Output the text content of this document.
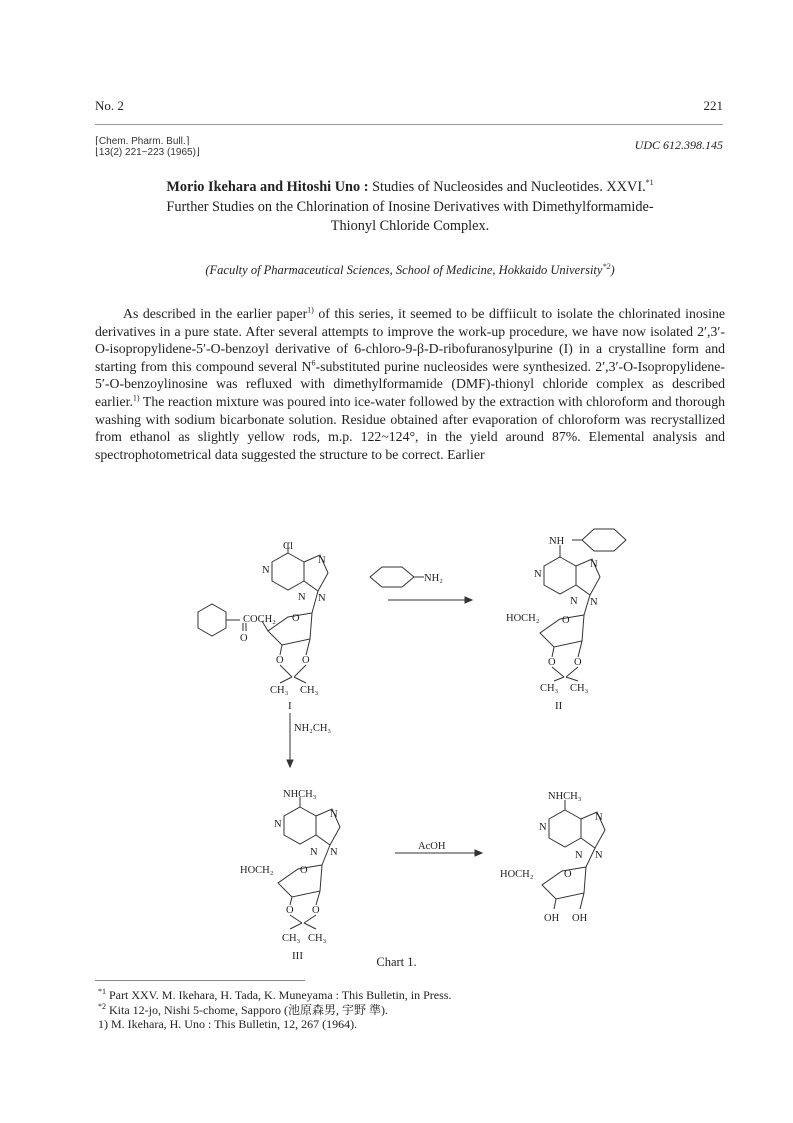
No. 2	221
⌈Chem. Pharm. Bull.⌉
⌊13(2) 221~223 (1965)⌋
UDC 612.398.145
Morio Ikehara and Hitoshi Uno : Studies of Nucleosides and Nucleotides. XXVI.$^{*1}$ Further Studies on the Chlorination of Inosine Derivatives with Dimethylformamide-Thionyl Chloride Complex.
(Faculty of Pharmaceutical Sciences, School of Medicine, Hokkaido University$^{*2}$)

As described in the earlier paper$^{1)}$ of this series, it seemed to be diffiicult to isolate the chlorinated inosine derivatives in a pure state. After several attempts to improve the work-up procedure, we have now isolated 2′,3′-O-isopropylidene-5′-O-benzoyl derivative of 6-chloro-9-β-D-ribofuranosylpurine (I) in a crystalline form and starting from this compound several $N^6$-substituted purine nucleosides were synthesized. 2′,3′-O-Isopropylidene-5′-O-benzoylinosine was refluxed with dimethylformamide (DMF)-thionyl chloride complex as described earlier.$^{1)}$ The reaction mixture was poured into ice-water followed by the extraction with chloroform and thorough washing with sodium bicarbonate solution. Residue obtained after evaporation of chloroform was recrystallized from ethanol as slightly yellow rods, m.p. 122~124°, in the yield around 87%. Elemental analysis and spectrophotometrical data suggested the structure to be correct. Earlier

Cl
N
N
N N
COCH₂
O
O
O O
CH₃ CH₃
I
NH₂
NH
N
N
N N
HOCH₂ O
O O
CH₃ CH₃
II
NH₂CH₃
NHCH₃
N
N
N N
HOCH₂	O
O O
CH₃ CH₃
III
AcOH
NHCH₃
N
N
N N
HOCH₂	O
OH OH
Chart 1.
$^{*1}$ Part XXV. M. Ikehara, H. Tada, K. Muneyama : This Bulletin, in Press.
$^{*2}$ Kita 12-jo, Nishi 5-chome, Sapporo (池原森男, 宇野 準).
1) M. Ikehara, H. Uno : This Bulletin, 12, 267 (1964).
